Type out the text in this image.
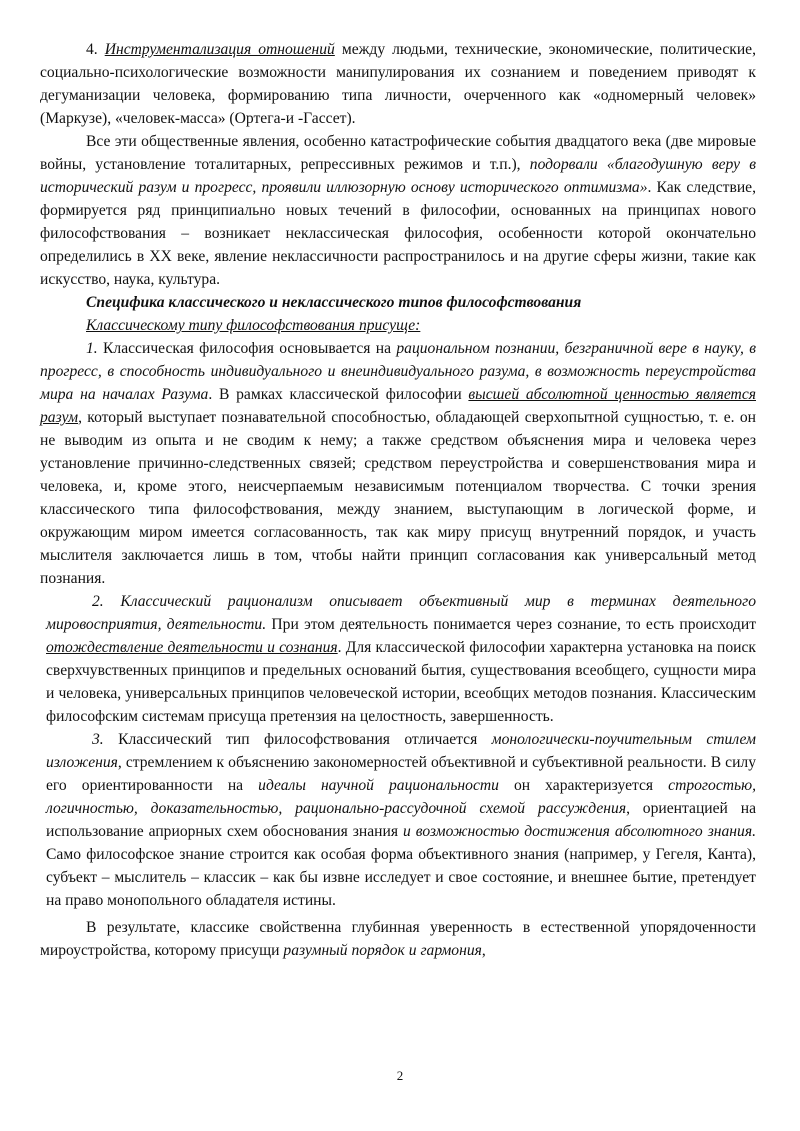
4. Инструментализация отношений между людьми, технические, экономические, политические, социально-психологические возможности манипулирования их сознанием и поведением приводят к дегуманизации человека, формированию типа личности, очерченного как «одномерный человек» (Маркузе), «человек-масса» (Ортега-и -Гассет).

Все эти общественные явления, особенно катастрофические события двадцатого века (две мировые войны, установление тоталитарных, репрессивных режимов и т.п.), подорвали «благодушную веру в исторический разум и прогресс, проявили иллюзорную основу исторического оптимизма». Как следствие, формируется ряд принципиально новых течений в философии, основанных на принципах нового философствования – возникает неклассическая философия, особенности которой окончательно определились в XX веке, явление неклассичности распространилось и на другие сферы жизни, такие как искусство, наука, культура.

Специфика классического и неклассического типов философствования

Классическому типу философствования присуще:

1. Классическая философия основывается на рациональном познании, безграничной вере в науку, в прогресс, в способность индивидуального и внеиндивидуального разума, в возможность переустройства мира на началах Разума. В рамках классической философии высшей абсолютной ценностью является разум, который выступает познавательной способностью, обладающей сверхопытной сущностью, т. е. он не выводим из опыта и не сводим к нему; а также средством объяснения мира и человека через установление причинно-следственных связей; средством переустройства и совершенствования мира и человека, и, кроме этого, неисчерпаемым независимым потенциалом творчества. С точки зрения классического типа философствования, между знанием, выступающим в логической форме, и окружающим миром имеется согласованность, так как миру присущ внутренний порядок, и участь мыслителя заключается лишь в том, чтобы найти принцип согласования как универсальный метод познания.

2. Классический рационализм описывает объективный мир в терминах деятельного мировосприятия, деятельности. При этом деятельность понимается через сознание, то есть происходит отождествление деятельности и сознания. Для классической философии характерна установка на поиск сверхчувственных принципов и предельных оснований бытия, существования всеобщего, сущности мира и человека, универсальных принципов человеческой истории, всеобщих методов познания. Классическим философским системам присуща претензия на целостность, завершенность.

3. Классический тип философствования отличается монологически-поучительным стилем изложения, стремлением к объяснению закономерностей объективной и субъективной реальности. В силу его ориентированности на идеалы научной рациональности он характеризуется строгостью, логичностью, доказательностью, рационально-рассудочной схемой рассуждения, ориентацией на использование априорных схем обоснования знания и возможностью достижения абсолютного знания. Само философское знание строится как особая форма объективного знания (например, у Гегеля, Канта), субъект – мыслитель – классик – как бы извне исследует и свое состояние, и внешнее бытие, претендует на право монопольного обладателя истины.

В результате, классике свойственна глубинная уверенность в естественной упорядоченности мироустройства, которому присущи разумный порядок и гармония,

2
